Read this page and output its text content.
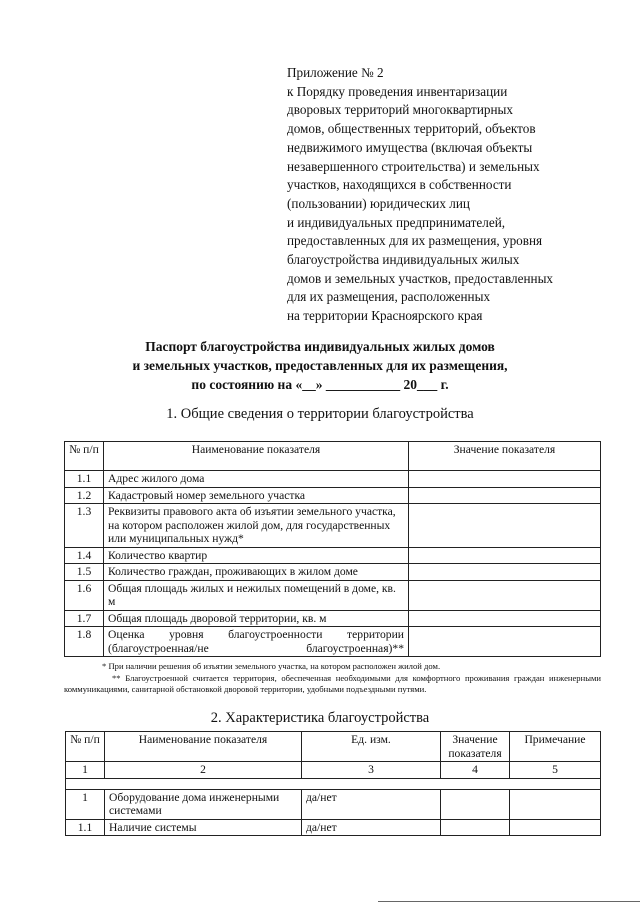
Приложение № 2
к Порядку проведения инвентаризации
дворовых территорий многоквартирных
домов, общественных территорий, объектов
недвижимого имущества (включая объекты
незавершенного строительства) и земельных
участков, находящихся в собственности
(пользовании) юридических лиц
и индивидуальных предпринимателей,
предоставленных для их размещения, уровня
благоустройства индивидуальных жилых
домов и земельных участков, предоставленных
для их размещения, расположенных
на территории Красноярского края
Паспорт благоустройства индивидуальных жилых домов
и земельных участков, предоставленных для их размещения,
по состоянию на «__» ___________ 20___ г.
1. Общие сведения о территории благоустройства
№ п/п	Наименование показателя	Значение показателя
1.1	Адрес жилого дома	
1.2	Кадастровый номер земельного участка	
1.3	Реквизиты правового акта об изъятии земельного участка, на котором расположен жилой дом, для государственных или муниципальных нужд*	
1.4	Количество квартир	
1.5	Количество граждан, проживающих в жилом доме	
1.6	Общая площадь жилых и нежилых помещений в доме, кв. м	
1.7	Общая площадь дворовой территории, кв. м	
1.8	Оценка уровня благоустроенности территории (благоустроенная/не благоустроенная)**	
* При наличии решения об изъятии земельного участка, на котором расположен жилой дом.
** Благоустроенной считается территория, обеспеченная необходимыми для комфортного проживания граждан инженерными коммуникациями, санитарной обстановкой дворовой территории, удобными подъездными путями.
2. Характеристика благоустройства
№ п/п	Наименование показателя	Ед. изм.	Значение показателя	Примечание
1	2	3	4	5

1	Оборудование дома инженерными системами	да/нет		
1.1	Наличие системы	да/нет		
